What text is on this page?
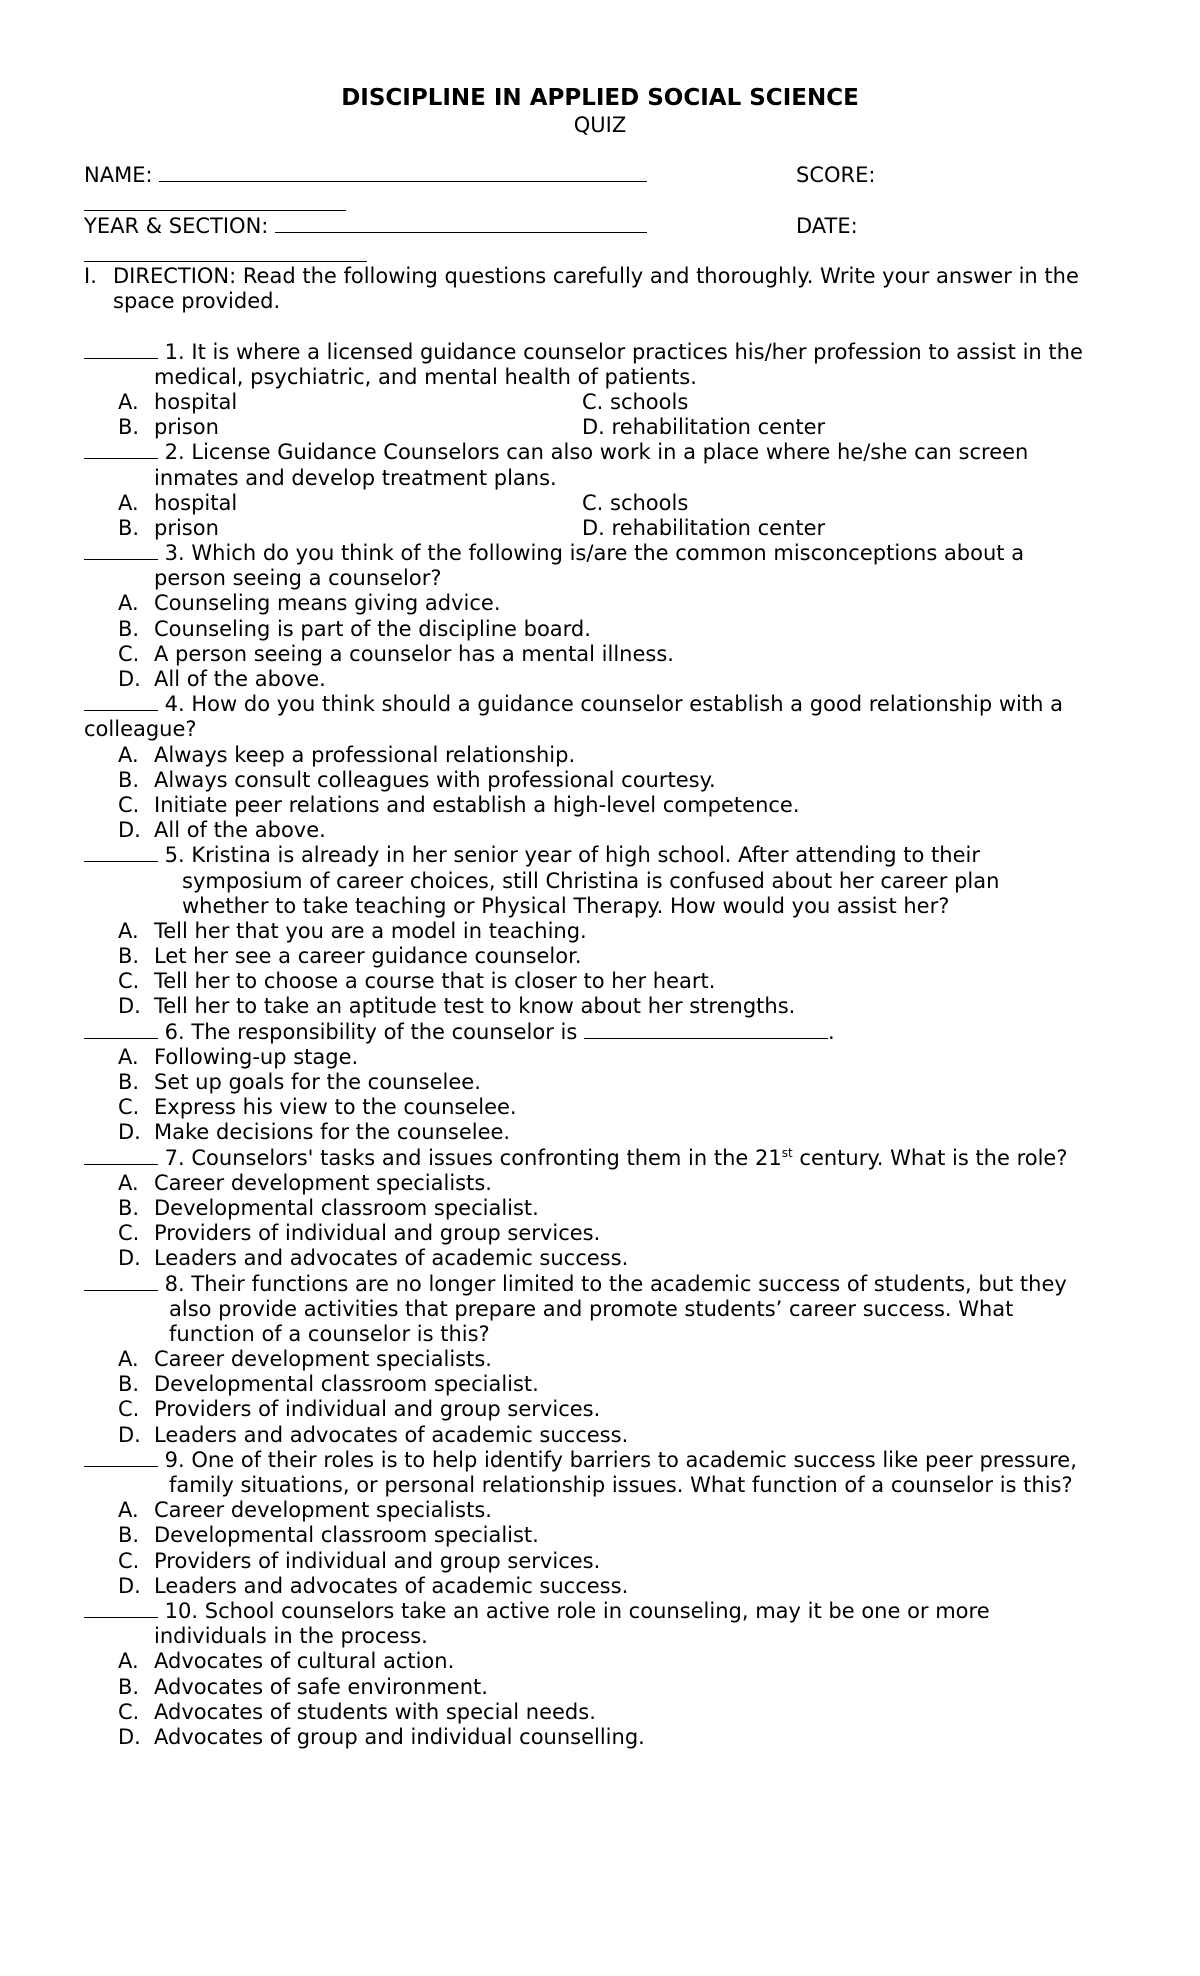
DISCIPLINE IN APPLIED SOCIAL SCIENCE
QUIZ
NAME:	SCORE:
YEAR & SECTION:	DATE:
I. DIRECTION: Read the following questions carefully and thoroughly. Write your answer in the
space provided.
1. It is where a licensed guidance counselor practices his/her profession to assist in the
medical, psychiatric, and mental health of patients.
A. hospital	C. schools
B. prison	D. rehabilitation center
2. License Guidance Counselors can also work in a place where he/she can screen
inmates and develop treatment plans.
A. hospital	C. schools
B. prison	D. rehabilitation center
3. Which do you think of the following is/are the common misconceptions about a
person seeing a counselor?
A. Counseling means giving advice.
B. Counseling is part of the discipline board.
C. A person seeing a counselor has a mental illness.
D. All of the above.
4. How do you think should a guidance counselor establish a good relationship with a
colleague?
A. Always keep a professional relationship.
B. Always consult colleagues with professional courtesy.
C. Initiate peer relations and establish a high-level competence.
D. All of the above.
5. Kristina is already in her senior year of high school. After attending to their
symposium of career choices, still Christina is confused about her career plan
whether to take teaching or Physical Therapy. How would you assist her?
A. Tell her that you are a model in teaching.
B. Let her see a career guidance counselor.
C. Tell her to choose a course that is closer to her heart.
D. Tell her to take an aptitude test to know about her strengths.
6. The responsibility of the counselor is	.
A. Following-up stage.
B. Set up goals for the counselee.
C. Express his view to the counselee.
D. Make decisions for the counselee.
7. Counselors' tasks and issues confronting them in the 21st century. What is the role?
A. Career development specialists.
B. Developmental classroom specialist.
C. Providers of individual and group services.
D. Leaders and advocates of academic success.
8. Their functions are no longer limited to the academic success of students, but they
also provide activities that prepare and promote students’ career success. What
function of a counselor is this?
A. Career development specialists.
B. Developmental classroom specialist.
C. Providers of individual and group services.
D. Leaders and advocates of academic success.
9. One of their roles is to help identify barriers to academic success like peer pressure,
family situations, or personal relationship issues. What function of a counselor is this?
A. Career development specialists.
B. Developmental classroom specialist.
C. Providers of individual and group services.
D. Leaders and advocates of academic success.
10. School counselors take an active role in counseling, may it be one or more
individuals in the process.
A. Advocates of cultural action.
B. Advocates of safe environment.
C. Advocates of students with special needs.
D. Advocates of group and individual counselling.
